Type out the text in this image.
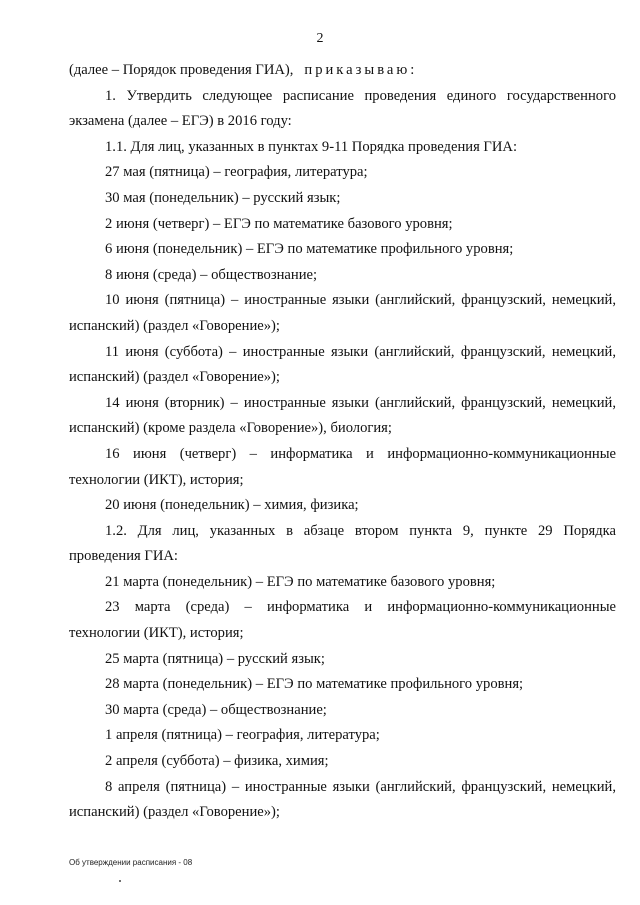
2

(далее – Порядок проведения ГИА), приказываю:

1. Утвердить следующее расписание проведения единого государственного

экзамена (далее – ЕГЭ) в 2016 году:

1.1. Для лиц, указанных в пунктах 9-11 Порядка проведения ГИА:

27 мая (пятница) – география, литература;

30 мая (понедельник) – русский язык;

2 июня (четверг) – ЕГЭ по математике базового уровня;

6 июня (понедельник) – ЕГЭ по математике профильного уровня;

8 июня (среда) – обществознание;

10 июня (пятница) – иностранные языки (английский, французский, немецкий,

испанский) (раздел «Говорение»);

11 июня (суббота) – иностранные языки (английский, французский, немецкий,

испанский) (раздел «Говорение»);

14 июня (вторник) – иностранные языки (английский, французский, немецкий,

испанский) (кроме раздела «Говорение»), биология;

16 июня (четверг) – информатика и информационно-коммуникационные

технологии (ИКТ), история;

20 июня (понедельник) – химия, физика;

1.2. Для лиц, указанных в абзаце втором пункта 9, пункте 29 Порядка

проведения ГИА:

21 марта (понедельник) – ЕГЭ по математике базового уровня;

23 марта (среда) – информатика и информационно-коммуникационные

технологии (ИКТ), история;

25 марта (пятница) – русский язык;

28 марта (понедельник) – ЕГЭ по математике профильного уровня;

30 марта (среда) – обществознание;

1 апреля (пятница) – география, литература;

2 апреля (суббота) – физика, химия;

8 апреля (пятница) – иностранные языки (английский, французский, немецкий,

испанский) (раздел «Говорение»);

Об утверждении расписания - 08
